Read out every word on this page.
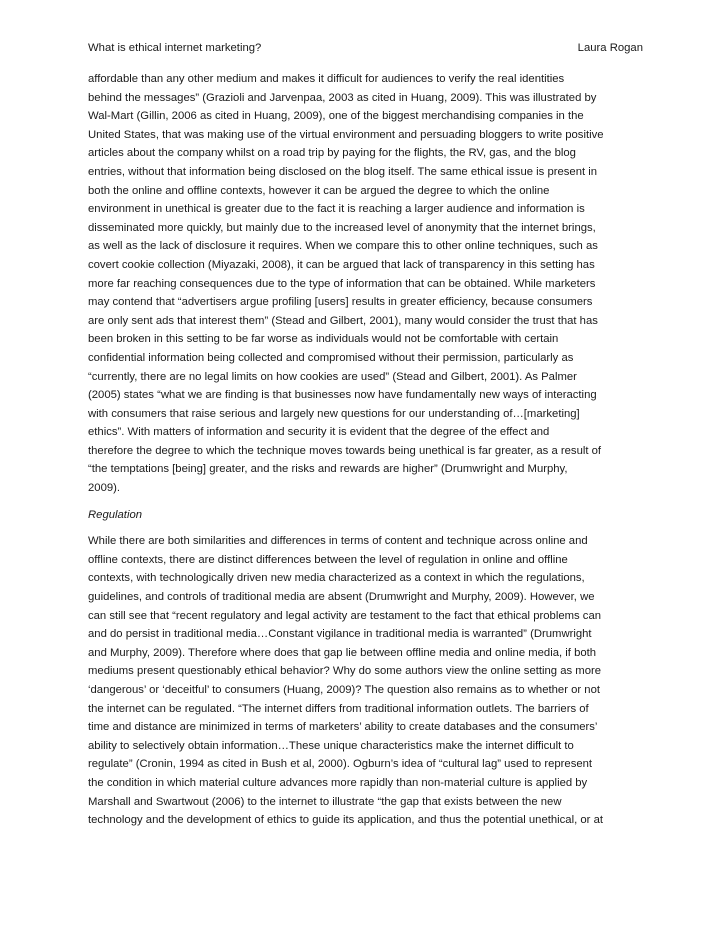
What is ethical internet marketing?	Laura Rogan

affordable than any other medium and makes it difficult for audiences to verify the real identities
behind the messages” (Grazioli and Jarvenpaa, 2003 as cited in Huang, 2009). This was illustrated by
Wal-Mart (Gillin, 2006 as cited in Huang, 2009), one of the biggest merchandising companies in the
United States, that was making use of the virtual environment and persuading bloggers to write positive
articles about the company whilst on a road trip by paying for the flights, the RV, gas, and the blog
entries, without that information being disclosed on the blog itself. The same ethical issue is present in
both the online and offline contexts, however it can be argued the degree to which the online
environment in unethical is greater due to the fact it is reaching a larger audience and information is
disseminated more quickly, but mainly due to the increased level of anonymity that the internet brings,
as well as the lack of disclosure it requires. When we compare this to other online techniques, such as
covert cookie collection (Miyazaki, 2008), it can be argued that lack of transparency in this setting has
more far reaching consequences due to the type of information that can be obtained. While marketers
may contend that “advertisers argue profiling [users] results in greater efficiency, because consumers
are only sent ads that interest them” (Stead and Gilbert, 2001), many would consider the trust that has
been broken in this setting to be far worse as individuals would not be comfortable with certain
confidential information being collected and compromised without their permission, particularly as
“currently, there are no legal limits on how cookies are used” (Stead and Gilbert, 2001). As Palmer
(2005) states “what we are finding is that businesses now have fundamentally new ways of interacting
with consumers that raise serious and largely new questions for our understanding of…[marketing]
ethics”. With matters of information and security it is evident that the degree of the effect and
therefore the degree to which the technique moves towards being unethical is far greater, as a result of
“the temptations [being] greater, and the risks and rewards are higher” (Drumwright and Murphy,
2009).

Regulation

While there are both similarities and differences in terms of content and technique across online and
offline contexts, there are distinct differences between the level of regulation in online and offline
contexts, with technologically driven new media characterized as a context in which the regulations,
guidelines, and controls of traditional media are absent (Drumwright and Murphy, 2009). However, we
can still see that “recent regulatory and legal activity are testament to the fact that ethical problems can
and do persist in traditional media…Constant vigilance in traditional media is warranted” (Drumwright
and Murphy, 2009). Therefore where does that gap lie between offline media and online media, if both
mediums present questionably ethical behavior? Why do some authors view the online setting as more
‘dangerous’ or ‘deceitful’ to consumers (Huang, 2009)? The question also remains as to whether or not
the internet can be regulated. “The internet differs from traditional information outlets. The barriers of
time and distance are minimized in terms of marketers’ ability to create databases and the consumers’
ability to selectively obtain information…These unique characteristics make the internet difficult to
regulate” (Cronin, 1994 as cited in Bush et al, 2000). Ogburn’s idea of “cultural lag” used to represent
the condition in which material culture advances more rapidly than non-material culture is applied by
Marshall and Swartwout (2006) to the internet to illustrate “the gap that exists between the new
technology and the development of ethics to guide its application, and thus the potential unethical, or at
